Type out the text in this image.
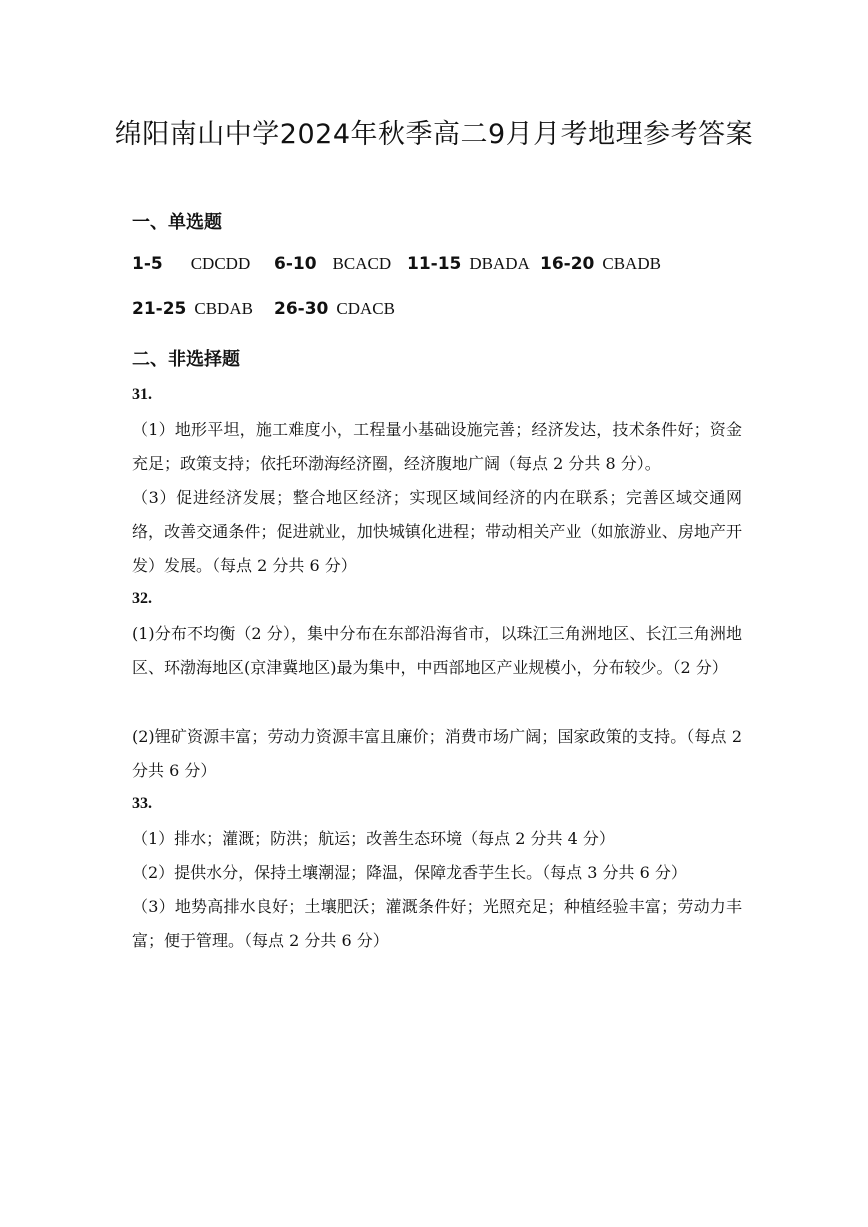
绵阳南山中学2024年秋季高二9月月考地理参考答案
一、单选题
1-5 CDCDD 6-10 BCACD 11-15 DBADA 16-20 CBADB
21-25 CBDAB 26-30 CDACB
二、非选择题
31.
（1）地形平坦，施工难度小，工程量小基础设施完善；经济发达，技术条件好；资金充足；政策支持；依托环渤海经济圈，经济腹地广阔（每点 2 分共 8 分）。
（3）促进经济发展；整合地区经济；实现区域间经济的内在联系；完善区域交通网络，改善交通条件；促进就业，加快城镇化进程；带动相关产业（如旅游业、房地产开发）发展。（每点 2 分共 6 分）
32.
(1)分布不均衡（2 分），集中分布在东部沿海省市，以珠江三角洲地区、长江三角洲地区、环渤海地区(京津冀地区)最为集中，中西部地区产业规模小，分布较少。（2 分）
(2)锂矿资源丰富；劳动力资源丰富且廉价；消费市场广阔；国家政策的支持。（每点 2 分共 6 分）
33.
（1）排水；灌溉；防洪；航运；改善生态环境（每点 2 分共 4 分）
（2）提供水分，保持土壤潮湿；降温，保障龙香芋生长。（每点 3 分共 6 分）
（3）地势高排水良好；土壤肥沃；灌溉条件好；光照充足；种植经验丰富；劳动力丰富；便于管理。（每点 2 分共 6 分）
